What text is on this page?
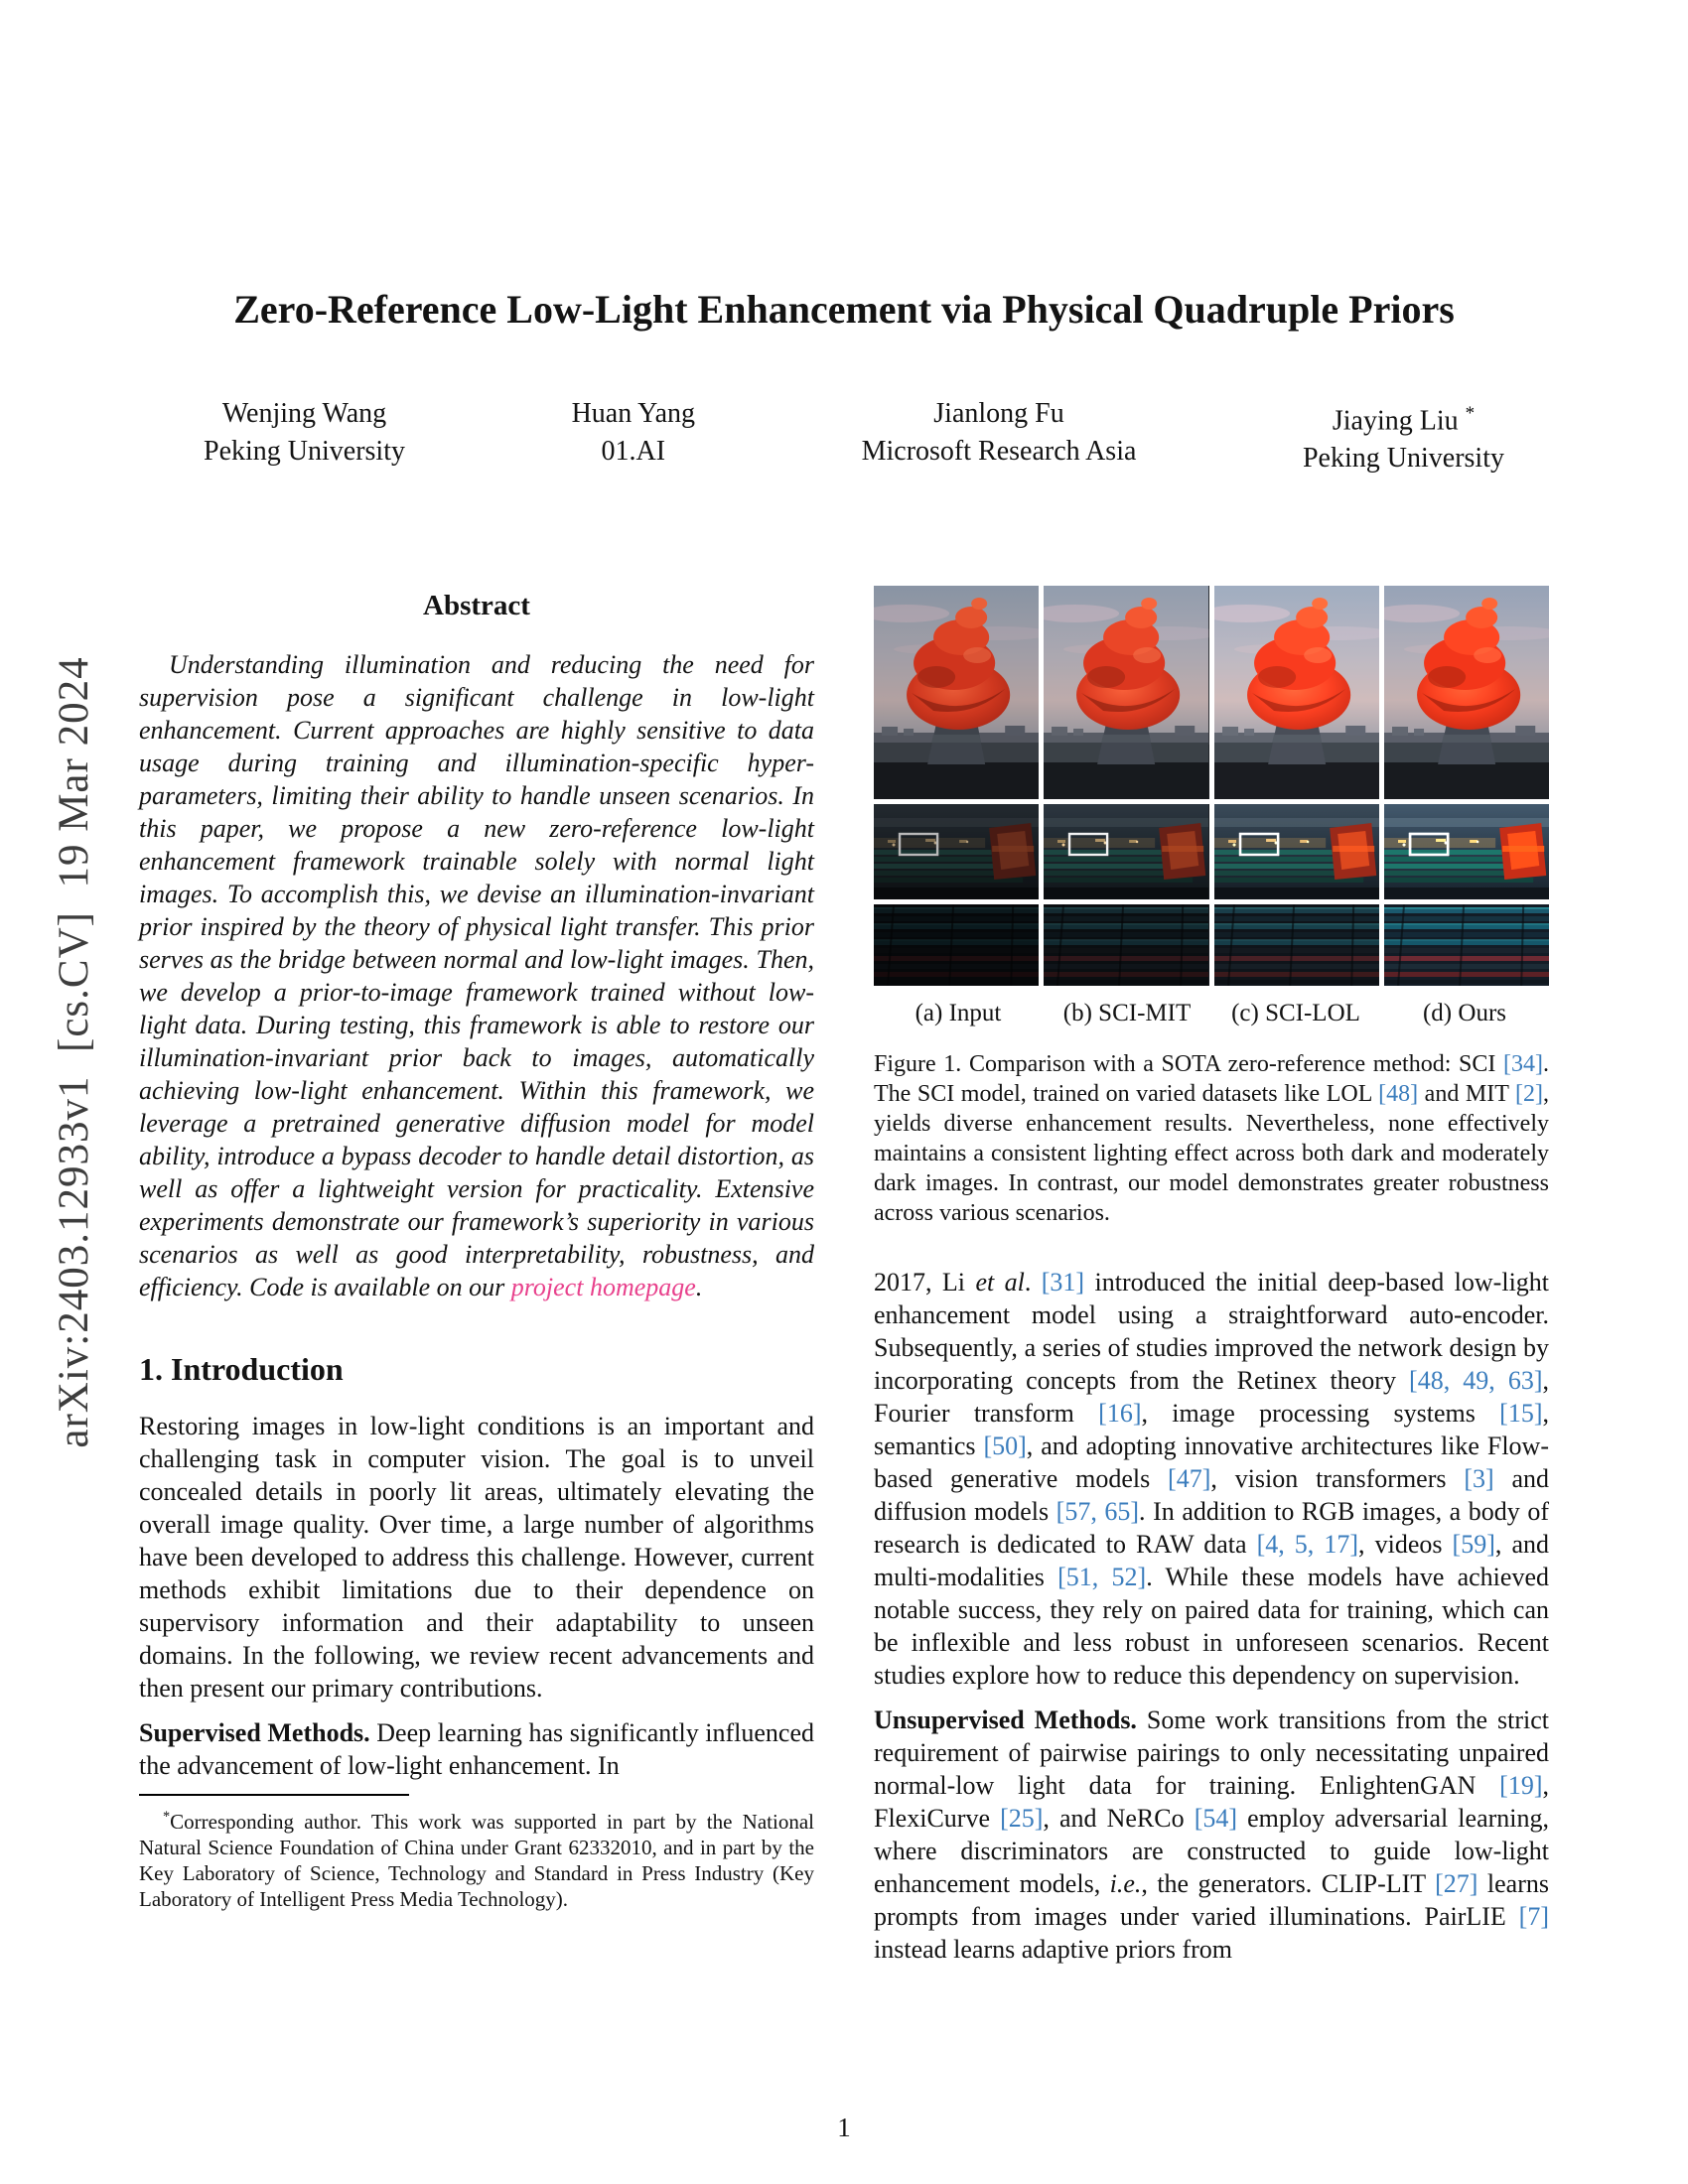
arXiv:2403.12933v1  [cs.CV]  19 Mar 2024
Zero-Reference Low-Light Enhancement via Physical Quadruple Priors
Wenjing Wang
Peking University
Huan Yang
01.AI
Jianlong Fu
Microsoft Research Asia
Jiaying Liu *
Peking University
Abstract

Understanding illumination and reducing the need for supervision pose a significant challenge in low-light enhancement. Current approaches are highly sensitive to data usage during training and illumination-specific hyper-parameters, limiting their ability to handle unseen scenarios. In this paper, we propose a new zero-reference low-light enhancement framework trainable solely with normal light images. To accomplish this, we devise an illumination-invariant prior inspired by the theory of physical light transfer. This prior serves as the bridge between normal and low-light images. Then, we develop a prior-to-image framework trained without low-light data. During testing, this framework is able to restore our illumination-invariant prior back to images, automatically achieving low-light enhancement. Within this framework, we leverage a pretrained generative diffusion model for model ability, introduce a bypass decoder to handle detail distortion, as well as offer a lightweight version for practicality. Extensive experiments demonstrate our framework’s superiority in various scenarios as well as good interpretability, robustness, and efficiency. Code is available on our project homepage.

1. Introduction

Restoring images in low-light conditions is an important and challenging task in computer vision. The goal is to unveil concealed details in poorly lit areas, ultimately elevating the overall image quality. Over time, a large number of algorithms have been developed to address this challenge. However, current methods exhibit limitations due to their dependence on supervisory information and their adaptability to unseen domains. In the following, we review recent advancements and then present our primary contributions.

Supervised Methods. Deep learning has significantly influenced the advancement of low-light enhancement. In

*Corresponding author. This work was supported in part by the National Natural Science Foundation of China under Grant 62332010, and in part by the Key Laboratory of Science, Technology and Standard in Press Industry (Key Laboratory of Intelligent Press Media Technology).

(a) Input	(b) SCI-MIT	(c) SCI-LOL	(d) Ours
Figure 1. Comparison with a SOTA zero-reference method: SCI [34]. The SCI model, trained on varied datasets like LOL [48] and MIT [2], yields diverse enhancement results. Nevertheless, none effectively maintains a consistent lighting effect across both dark and moderately dark images. In contrast, our model demonstrates greater robustness across various scenarios.

2017, Li et al. [31] introduced the initial deep-based low-light enhancement model using a straightforward auto-encoder. Subsequently, a series of studies improved the network design by incorporating concepts from the Retinex theory [48, 49, 63], Fourier transform [16], image processing systems [15], semantics [50], and adopting innovative architectures like Flow-based generative models [47], vision transformers [3] and diffusion models [57, 65]. In addition to RGB images, a body of research is dedicated to RAW data [4, 5, 17], videos [59], and multi-modalities [51, 52]. While these models have achieved notable success, they rely on paired data for training, which can be inflexible and less robust in unforeseen scenarios. Recent studies explore how to reduce this dependency on supervision.

Unsupervised Methods. Some work transitions from the strict requirement of pairwise pairings to only necessitating unpaired normal-low light data for training. EnlightenGAN [19], FlexiCurve [25], and NeRCo [54] employ adversarial learning, where discriminators are constructed to guide low-light enhancement models, i.e., the generators. CLIP-LIT [27] learns prompts from images under varied illuminations. PairLIE [7] instead learns adaptive priors from

1
